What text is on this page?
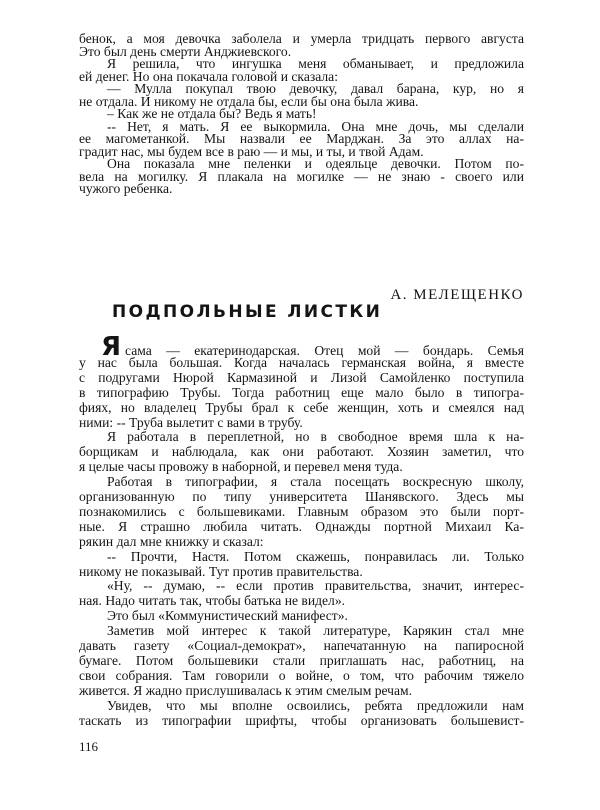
бенок, а моя девочка заболела и умерла тридцать первого августа
Это был день смерти Анджиевского.
Я решила, что ингушка меня обманывает, и предложила
ей денег. Но она покачала головой и сказала:
— Мулла покупал твою девочку, давал барана, кур, но я
не отдала. И никому не отдала бы, если бы она была жива.
– Как же не отдала бы? Ведь я мать!
-- Нет, я мать. Я ее выкормила. Она мне дочь, мы сделали
ее магометанкой. Мы назвали ее Марджан. За это аллах на-
градит нас, мы будем все в раю — и мы, и ты, и твой Адам.
Она показала мне пеленки и одеяльце девочки. Потом по-
вела на могилку. Я плакала на могилке — не знаю - своего или
чужого ребенка.
А. МЕЛЕЩЕНКО
ПОДПОЛЬНЫЕ ЛИСТКИ
Ясама — екатеринодарская. Отец мой — бондарь. Семья
у нас была большая. Когда началась германская война, я вместе
с подругами Нюрой Кармазиной и Лизой Самойленко поступила
в типографию Трубы. Тогда работниц еще мало было в типогра-
фиях, но владелец Трубы брал к себе женщин, хоть и смеялся над
ними: -- Труба вылетит с вами в трубу.
Я работала в переплетной, но в свободное время шла к на-
борщикам и наблюдала, как они работают. Хозяин заметил, что
я целые часы провожу в наборной, и перевел меня туда.
Работая в типографии, я стала посещать воскресную школу,
организованную по типу университета Шанявского. Здесь мы
познакомились с большевиками. Главным образом это были порт-
ные. Я страшно любила читать. Однажды портной Михаил Ка-
рякин дал мне книжку и сказал:
-- Прочти, Настя. Потом скажешь, понравилась ли. Только
никому не показывай. Тут против правительства.
«Ну, -- думаю, -- если против правительства, значит, интерес-
ная. Надо читать так, чтобы батька не видел».
Это был «Коммунистический манифест».
Заметив мой интерес к такой литературе, Карякин стал мне
давать газету «Социал-демократ», напечатанную на папиросной
бумаге. Потом большевики стали приглашать нас, работниц, на
свои собрания. Там говорили о войне, о том, что рабочим тяжело
живется. Я жадно прислушивалась к этим смелым речам.
Увидев, что мы вполне освоились, ребята предложили нам
таскать из типографии шрифты, чтобы организовать большевист-
116
